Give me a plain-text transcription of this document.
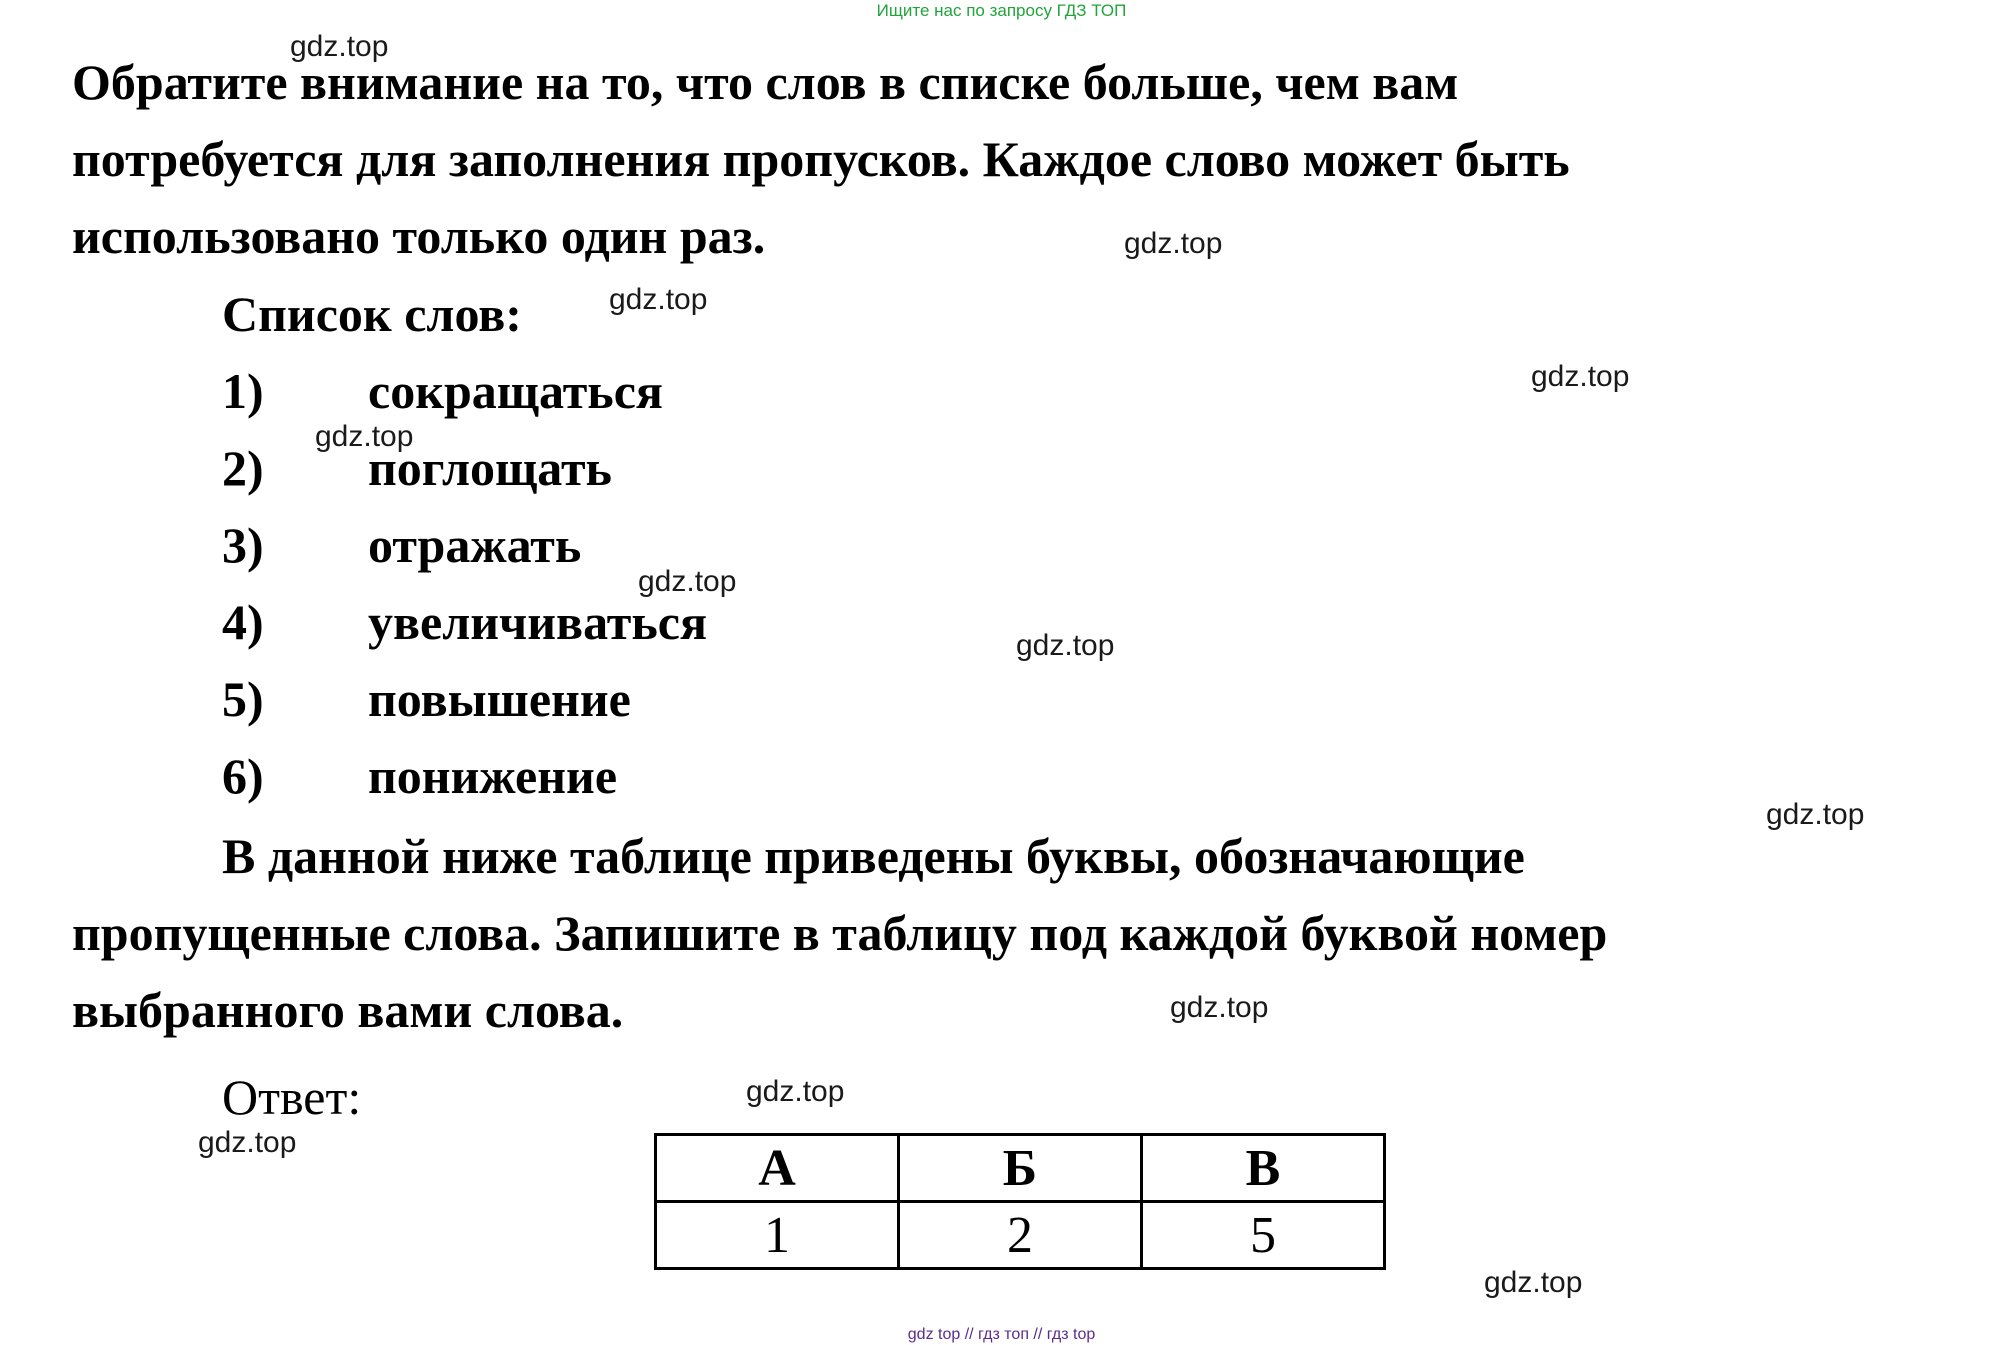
Ищите нас по запросу ГДЗ ТОП
Обратите внимание на то, что слов в списке больше, чем вам
потребуется для заполнения пропусков. Каждое слово может быть
использовано только один раз.
Список слов:
1) сокращаться
2) поглощать
3) отражать
4) увеличиваться
5) повышение
6) понижение
В данной ниже таблице приведены буквы, обозначающие
пропущенные слова. Запишите в таблицу под каждой буквой номер
выбранного вами слова.
Ответ:
А	Б	В
1	2	5
gdz.top
gdz.top
gdz.top
gdz.top
gdz.top
gdz.top
gdz.top
gdz.top
gdz.top
gdz.top
gdz.top
gdz.top
gdz top // гдз топ // гдз top
